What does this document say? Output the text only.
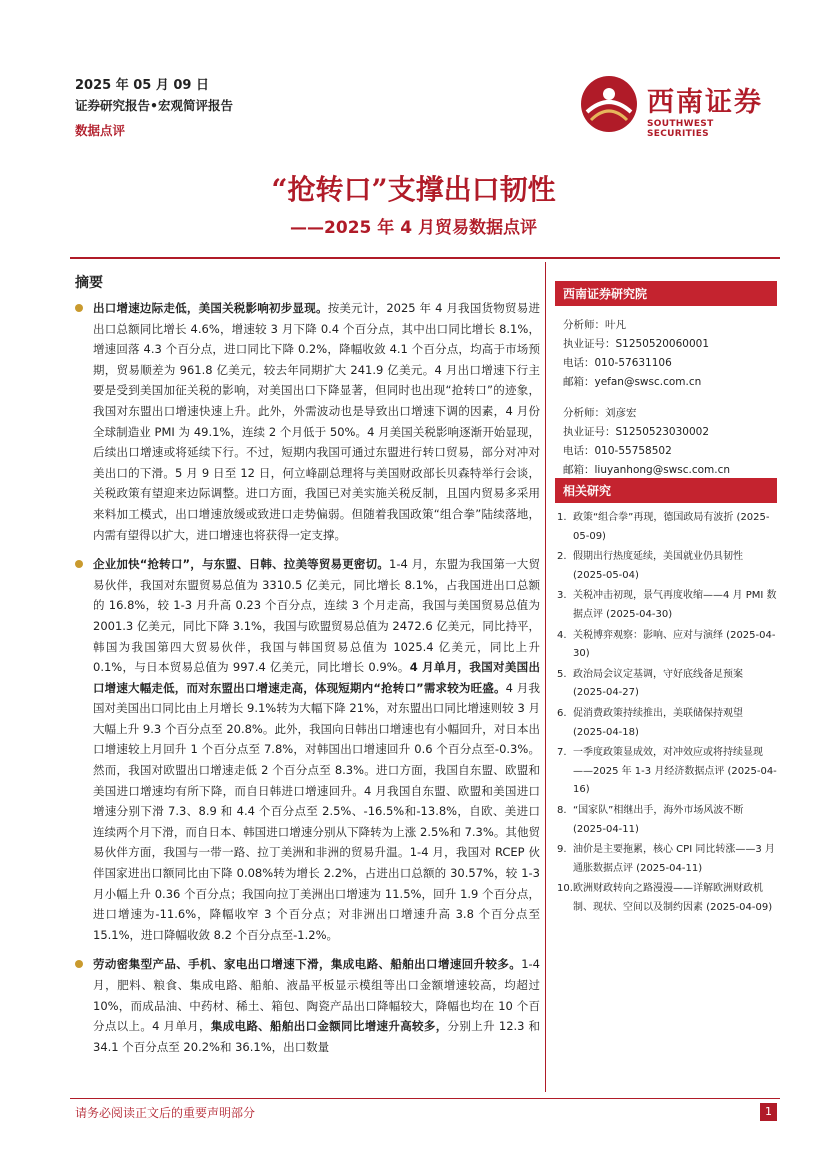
2025 年 05 月 09 日
证券研究报告•宏观简评报告
数据点评
西南证券
SOUTHWEST SECURITIES
“抢转口”支撑出口韧性
——2025 年 4 月贸易数据点评
摘要
出口增速边际走低，美国关税影响初步显现。按美元计，2025 年 4 月我国货物贸易进出口总额同比增长 4.6%，增速较 3 月下降 0.4 个百分点，其中出口同比增长 8.1%，增速回落 4.3 个百分点，进口同比下降 0.2%，降幅收敛 4.1 个百分点，均高于市场预期，贸易顺差为 961.8 亿美元，较去年同期扩大 241.9 亿美元。4 月出口增速下行主要是受到美国加征关税的影响，对美国出口下降显著，但同时也出现“抢转口”的迹象，我国对东盟出口增速快速上升。此外，外需波动也是导致出口增速下调的因素，4 月份全球制造业 PMI 为 49.1%，连续 2 个月低于 50%。4 月美国关税影响逐渐开始显现，后续出口增速或将延续下行。不过，短期内我国可通过东盟进行转口贸易，部分对冲对美出口的下滑。5 月 9 日至 12 日，何立峰副总理将与美国财政部长贝森特举行会谈，关税政策有望迎来边际调整。进口方面，我国已对美实施关税反制，且国内贸易多采用来料加工模式，出口增速放缓或致进口走势偏弱。但随着我国政策“组合拳”陆续落地，内需有望得以扩大，进口增速也将获得一定支撑。
企业加快“抢转口”，与东盟、日韩、拉美等贸易更密切。1-4 月，东盟为我国第一大贸易伙伴，我国对东盟贸易总值为 3310.5 亿美元，同比增长 8.1%，占我国进出口总额的 16.8%，较 1-3 月升高 0.23 个百分点，连续 3 个月走高，我国与美国贸易总值为 2001.3 亿美元，同比下降 3.1%，我国与欧盟贸易总值为 2472.6 亿美元，同比持平，韩国为我国第四大贸易伙伴，我国与韩国贸易总值为 1025.4 亿美元，同比上升 0.1%，与日本贸易总值为 997.4 亿美元，同比增长 0.9%。4 月单月，我国对美国出口增速大幅走低，而对东盟出口增速走高，体现短期内“抢转口”需求较为旺盛。4 月我国对美国出口同比由上月增长 9.1%转为大幅下降 21%，对东盟出口同比增速则较 3 月大幅上升 9.3 个百分点至 20.8%。此外，我国向日韩出口增速也有小幅回升，对日本出口增速较上月回升 1 个百分点至 7.8%，对韩国出口增速回升 0.6 个百分点至-0.3%。然而，我国对欧盟出口增速走低 2 个百分点至 8.3%。进口方面，我国自东盟、欧盟和美国进口增速均有所下降，而自日韩进口增速回升。4 月我国自东盟、欧盟和美国进口增速分别下滑 7.3、8.9 和 4.4 个百分点至 2.5%、-16.5%和-13.8%，自欧、美进口连续两个月下滑，而自日本、韩国进口增速分别从下降转为上涨 2.5%和 7.3%。其他贸易伙伴方面，我国与一带一路、拉丁美洲和非洲的贸易升温。1-4 月，我国对 RCEP 伙伴国家进出口额同比由下降 0.08%转为增长 2.2%，占进出口总额的 30.57%，较 1-3 月小幅上升 0.36 个百分点；我国向拉丁美洲出口增速为 11.5%，回升 1.9 个百分点，进口增速为-11.6%，降幅收窄 3 个百分点；对非洲出口增速升高 3.8 个百分点至 15.1%，进口降幅收敛 8.2 个百分点至-1.2%。
劳动密集型产品、手机、家电出口增速下滑，集成电路、船舶出口增速回升较多。1-4 月，肥料、粮食、集成电路、船舶、液晶平板显示模组等出口金额增速较高，均超过 10%，而成品油、中药材、稀土、箱包、陶瓷产品出口降幅较大，降幅也均在 10 个百分点以上。4 月单月，集成电路、船舶出口金额同比增速升高较多，分别上升 12.3 和 34.1 个百分点至 20.2%和 36.1%，出口数量
西南证券研究院
分析师：叶凡
执业证号：S1250520060001
电话：010-57631106
邮箱：yefan@swsc.com.cn
分析师：刘彦宏
执业证号：S1250523030002
电话：010-55758502
邮箱：liuyanhong@swsc.com.cn
相关研究
1. 政策“组合拳”再现，德国政局有波折 (2025-05-09)
2. 假期出行热度延续，美国就业仍具韧性 (2025-05-04)
3. 关税冲击初现，景气再度收缩——4 月 PMI 数据点评 (2025-04-30)
4. 关税博弈观察：影响、应对与演绎 (2025-04-30)
5. 政治局会议定基调，守好底线备足预案 (2025-04-27)
6. 促消费政策持续推出，美联储保持观望 (2025-04-18)
7. 一季度政策显成效，对冲效应或将持续显现——2025 年 1-3 月经济数据点评 (2025-04-16)
8. “国家队”相继出手，海外市场风波不断 (2025-04-11)
9. 油价是主要拖累，核心 CPI 同比转涨——3 月通胀数据点评 (2025-04-11)
10. 欧洲财政转向之路漫漫——详解欧洲财政机制、现状、空间以及制约因素 (2025-04-09)
请务必阅读正文后的重要声明部分	1
